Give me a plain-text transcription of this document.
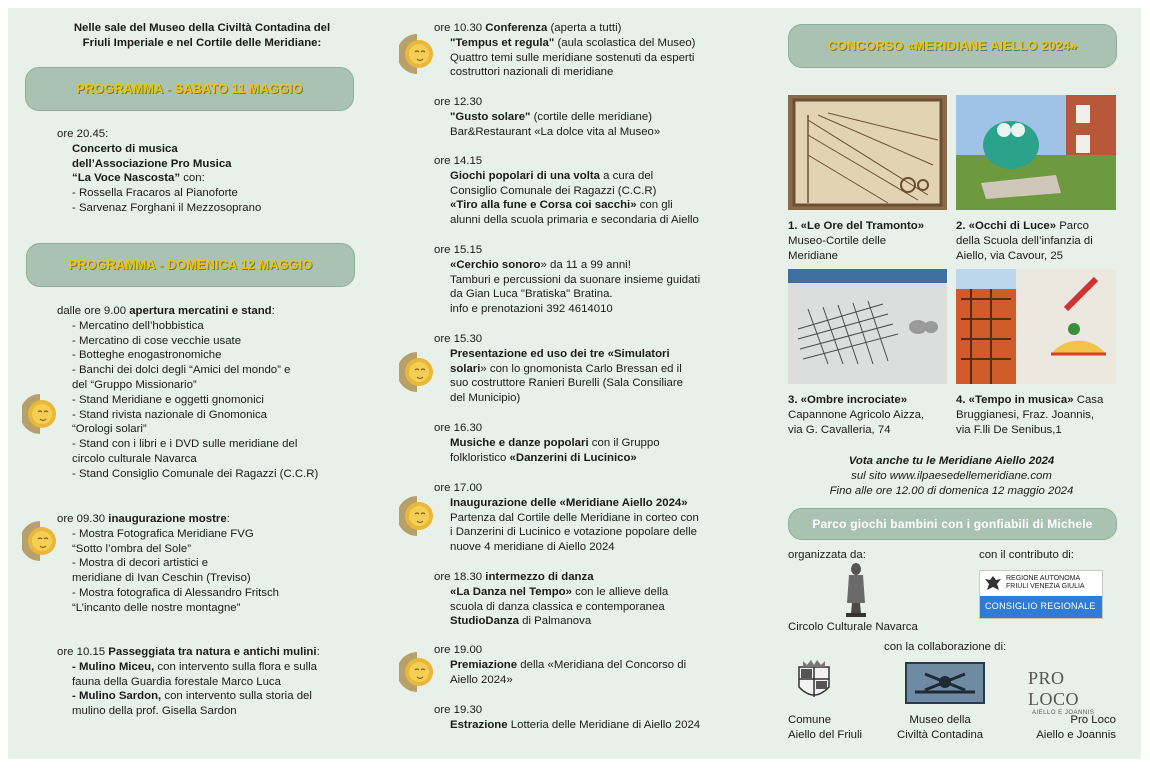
Nelle sale del Museo della Civiltà Contadina del
Friuli Imperiale e nel Cortile delle Meridiane:
PROGRAMMA - SABATO 11 MAGGIO
ore 20.45:
Concerto di musica
dell’Associazione Pro Musica
“La Voce Nascosta” con:
- Rossella Fracaros al Pianoforte
- Sarvenaz Forghani il Mezzosoprano
PROGRAMMA - DOMENICA 12 MAGGIO
dalle ore 9.00 apertura mercatini e stand:
- Mercatino dell’hobbistica
- Mercatino di cose vecchie usate
- Botteghe enogastronomiche
- Banchi dei dolci degli “Amici del mondo” e
del “Gruppo Missionario”
- Stand Meridiane e oggetti gnomonici
- Stand rivista nazionale di Gnomonica
“Orologi solari”
- Stand con i libri e i DVD sulle meridiane del
circolo culturale Navarca
- Stand Consiglio Comunale dei Ragazzi (C.C.R)
ore 09.30 inaugurazione mostre:
- Mostra Fotografica Meridiane FVG
“Sotto l’ombra del Sole”
- Mostra di decori artistici e
meridiane di Ivan Ceschin (Treviso)
- Mostra fotografica di Alessandro Fritsch
“L’incanto delle nostre montagne”
ore 10.15 Passeggiata tra natura e antichi mulini:
- Mulino Miceu, con intervento sulla flora e sulla
fauna della Guardia forestale Marco Luca
- Mulino Sardon, con intervento sulla storia del
mulino della prof. Gisella Sardon
ore 10.30 Conferenza (aperta a tutti)
"Tempus et regula" (aula scolastica del Museo)
Quattro temi sulle meridiane sostenuti da esperti
costruttori nazionali di meridiane
ore 12.30
"Gusto solare" (cortile delle meridiane)
Bar&Restaurant «La dolce vita al Museo»
ore 14.15
Giochi popolari di una volta a cura del
Consiglio Comunale dei Ragazzi (C.C.R)
«Tiro alla fune e Corsa coi sacchi» con gli
alunni della scuola primaria e secondaria di Aiello
ore 15.15
«Cerchio sonoro» da 11 a 99 anni!
Tamburi e percussioni da suonare insieme guidati
da Gian Luca "Bratiska" Bratina.
info e prenotazioni 392 4614010
ore 15.30
Presentazione ed uso dei tre «Simulatori
solari» con lo gnomonista Carlo Bressan ed il
suo costruttore Ranieri Burelli (Sala Consiliare
del Municipio)
ore 16.30
Musiche e danze popolari con il Gruppo
folkloristico «Danzerini di Lucinico»
ore 17.00
Inaugurazione delle «Meridiane Aiello 2024»
Partenza dal Cortile delle Meridiane in corteo con
i Danzerini di Lucinico e votazione popolare delle
nuove 4 meridiane di Aiello 2024
ore 18.30 intermezzo di danza
«La Danza nel Tempo» con le allieve della
scuola di danza classica e contemporanea
StudioDanza di Palmanova
ore 19.00
Premiazione della «Meridiana del Concorso di
Aiello 2024»
ore 19.30
Estrazione Lotteria delle Meridiane di Aiello 2024
CONCORSO «MERIDIANE AIELLO 2024»
1. «Le Ore del Tramonto»
Museo-Cortile delle
Meridiane
2. «Occhi di Luce» Parco
della Scuola dell’infanzia di
Aiello, via Cavour, 25
3. «Ombre incrociate»
Capannone Agricolo Aizza,
via G. Cavalleria, 74
4. «Tempo in musica» Casa
Bruggianesi, Fraz. Joannis,
via F.lli De Senibus,1
Vota anche tu le Meridiane Aiello 2024
sul sito www.ilpaesedellemeridiane.com
Fino alle ore 12.00 di domenica 12 maggio 2024
Parco giochi bambini con i gonfiabili di Michele
organizzata da:	con il contributo di:
REGIONE AUTONOMA
FRIULI VENEZIA GIULIA
CONSIGLIO REGIONALE
Circolo Culturale Navarca
con la collaborazione di:
PRO LOCO
AIELLO E JOANNIS
Comune
Aiello del Friuli
Museo della
Civiltà Contadina
Pro Loco
Aiello e Joannis
